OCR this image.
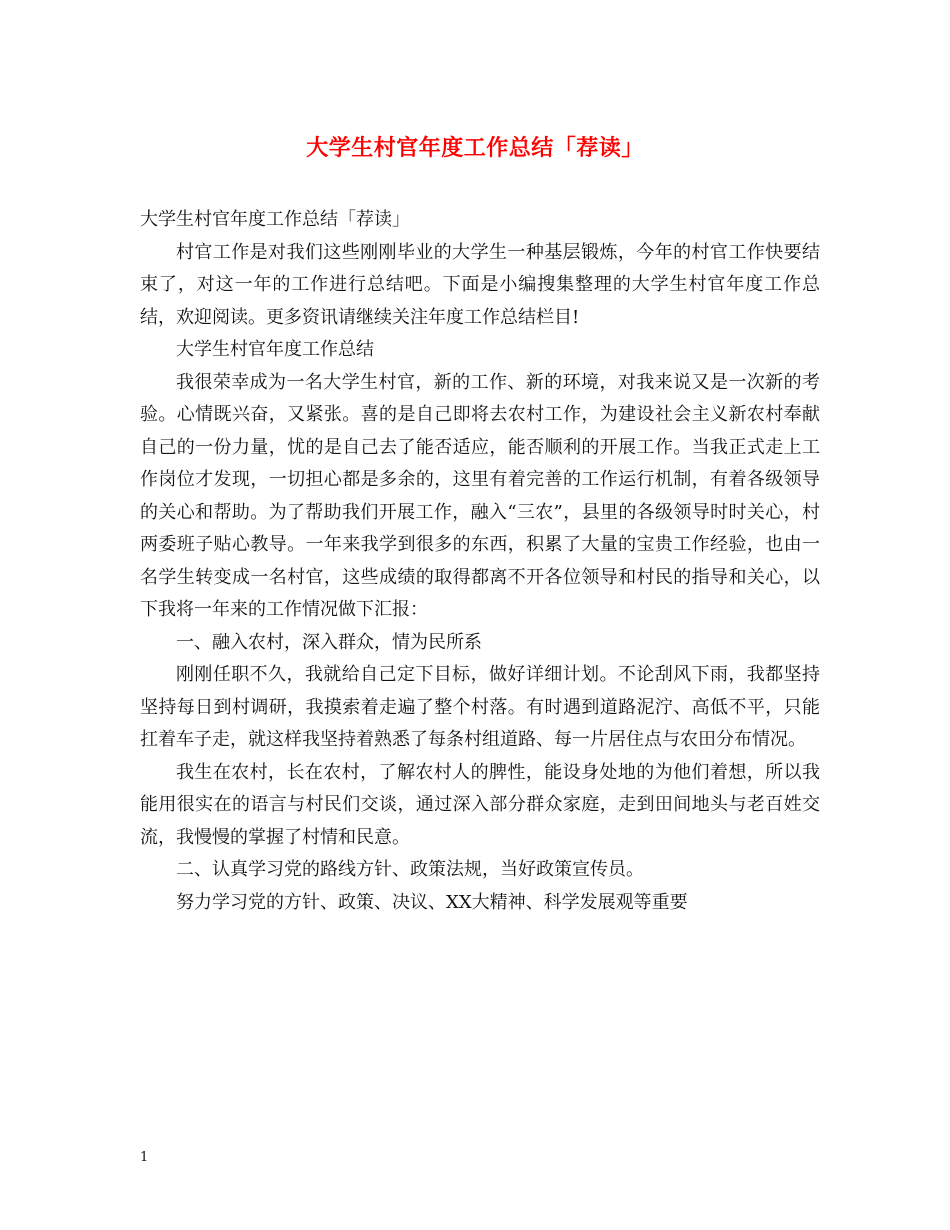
大学生村官年度工作总结「荐读」

大学生村官年度工作总结「荐读」

村官工作是对我们这些刚刚毕业的大学生一种基层锻炼，今年的村官工作快要结束了，对这一年的工作进行总结吧。下面是小编搜集整理的大学生村官年度工作总结，欢迎阅读。更多资讯请继续关注年度工作总结栏目!

大学生村官年度工作总结

我很荣幸成为一名大学生村官，新的工作、新的环境，对我来说又是一次新的考验。心情既兴奋，又紧张。喜的是自己即将去农村工作，为建设社会主义新农村奉献自己的一份力量，忧的是自己去了能否适应，能否顺利的开展工作。当我正式走上工作岗位才发现，一切担心都是多余的，这里有着完善的工作运行机制，有着各级领导的关心和帮助。为了帮助我们开展工作，融入“三农”，县里的各级领导时时关心，村两委班子贴心教导。一年来我学到很多的东西，积累了大量的宝贵工作经验，也由一名学生转变成一名村官，这些成绩的取得都离不开各位领导和村民的指导和关心，以下我将一年来的工作情况做下汇报：

一、融入农村，深入群众，情为民所系

刚刚任职不久，我就给自己定下目标，做好详细计划。不论刮风下雨，我都坚持坚持每日到村调研，我摸索着走遍了整个村落。有时遇到道路泥泞、高低不平，只能扛着车子走，就这样我坚持着熟悉了每条村组道路、每一片居住点与农田分布情况。

我生在农村，长在农村，了解农村人的脾性，能设身处地的为他们着想，所以我能用很实在的语言与村民们交谈，通过深入部分群众家庭，走到田间地头与老百姓交流，我慢慢的掌握了村情和民意。

二、认真学习党的路线方针、政策法规，当好政策宣传员。

努力学习党的方针、政策、决议、XX大精神、科学发展观等重要

1
